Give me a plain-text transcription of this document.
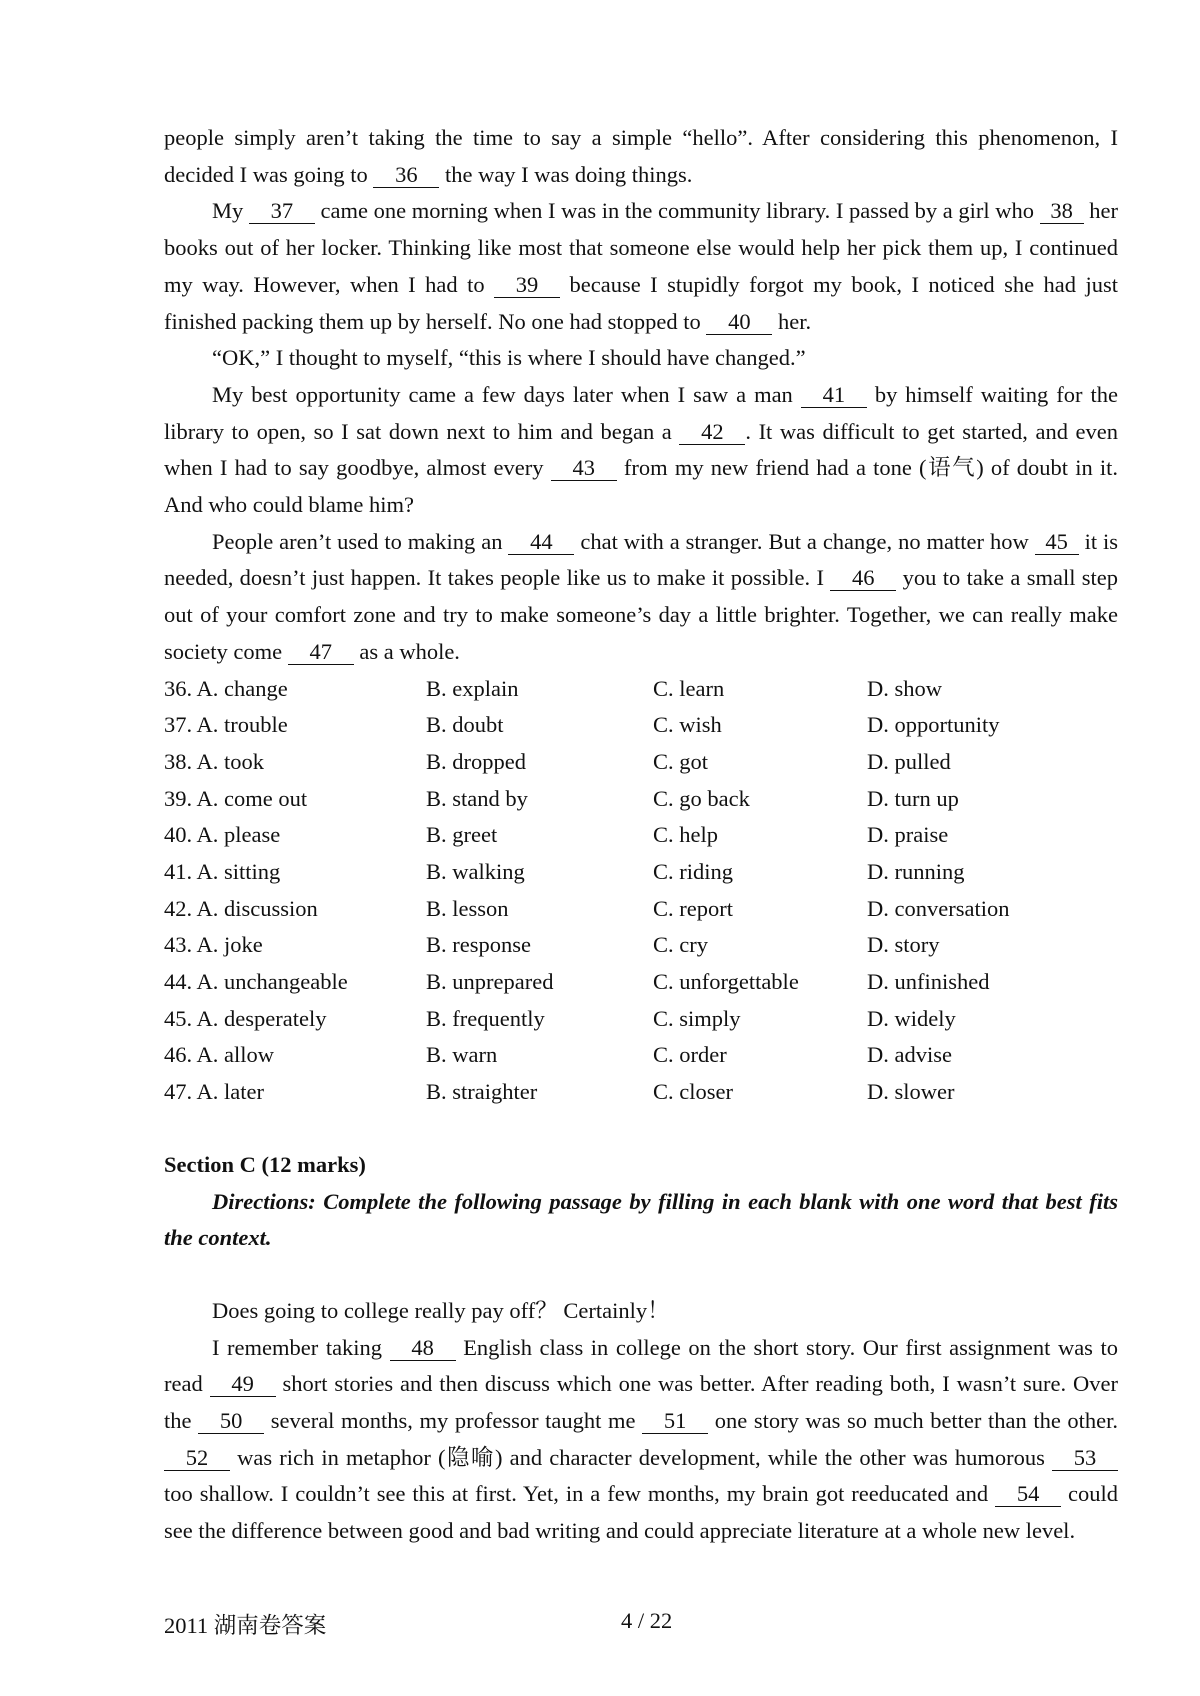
people simply aren’t taking the time to say a simple “hello”. After considering this phenomenon, I decided I was going to 36 the way I was doing things.

My 37 came one morning when I was in the community library. I passed by a girl who 38 her books out of her locker. Thinking like most that someone else would help her pick them up, I continued my way. However, when I had to 39 because I stupidly forgot my book, I noticed she had just finished packing them up by herself. No one had stopped to 40 her.

“OK,” I thought to myself, “this is where I should have changed.”

My best opportunity came a few days later when I saw a man 41 by himself waiting for the library to open, so I sat down next to him and began a 42 . It was difficult to get started, and even when I had to say goodbye, almost every 43 from my new friend had a tone (语气) of doubt in it. And who could blame him?

People aren’t used to making an 44 chat with a stranger. But a change, no matter how 45 it is needed, doesn’t just happen. It takes people like us to make it possible. I 46 you to take a small step out of your comfort zone and try to make someone’s day a little brighter. Together, we can really make society come 47 as a whole.

36. A. change	B. explain	C. learn	D. show
37. A. trouble	B. doubt	C. wish	D. opportunity
38. A. took	B. dropped	C. got	D. pulled
39. A. come out	B. stand by	C. go back	D. turn up
40. A. please	B. greet	C. help	D. praise
41. A. sitting	B. walking	C. riding	D. running
42. A. discussion	B. lesson	C. report	D. conversation
43. A. joke	B. response	C. cry	D. story
44. A. unchangeable	B. unprepared	C. unforgettable	D. unfinished
45. A. desperately	B. frequently	C. simply	D. widely
46. A. allow	B. warn	C. order	D. advise
47. A. later	B. straighter	C. closer	D. slower
Section C (12 marks)

Directions: Complete the following passage by filling in each blank with one word that best fits the context.

Does going to college really pay off？ Certainly！

I remember taking 48 English class in college on the short story. Our first assignment was to read 49 short stories and then discuss which one was better. After reading both, I wasn’t sure. Over the 50 several months, my professor taught me 51 one story was so much better than the other. 52 was rich in metaphor (隐喻) and character development, while the other was humorous 53 too shallow. I couldn’t see this at first. Yet, in a few months, my brain got reeducated and 54 could see the difference between good and bad writing and could appreciate literature at a whole new level.

2011 湖南卷答案	4 / 22
